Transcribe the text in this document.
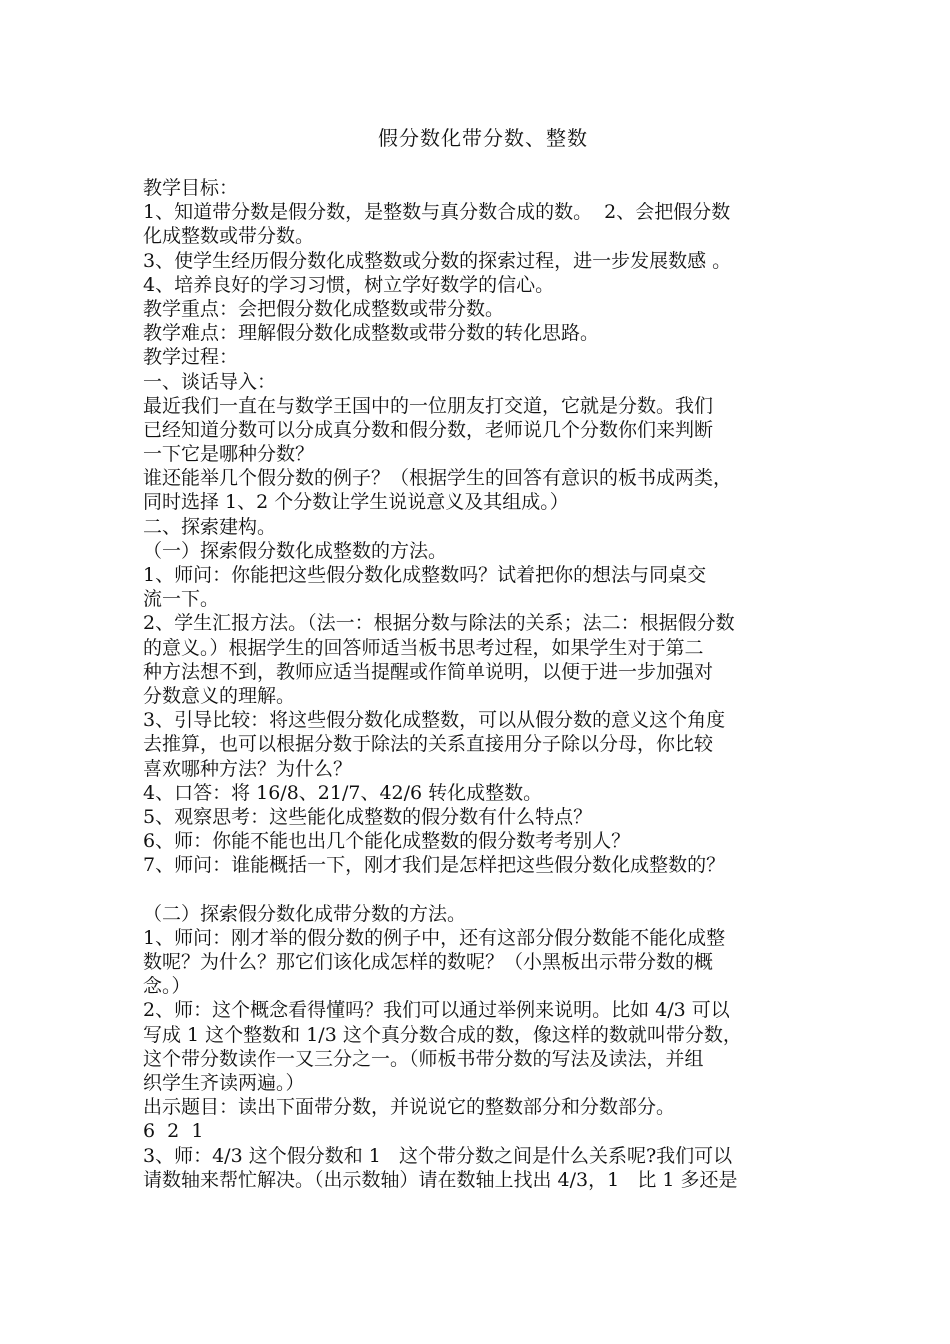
假分数化带分数、整数
教学目标：
1、知道带分数是假分数，是整数与真分数合成的数。  2、会把假分数
化成整数或带分数。
3、使学生经历假分数化成整数或分数的探索过程，进一步发展数感 。
4、培养良好的学习习惯，树立学好数学的信心。
教学重点：会把假分数化成整数或带分数。
教学难点：理解假分数化成整数或带分数的转化思路。
教学过程：
一、谈话导入：
最近我们一直在与数学王国中的一位朋友打交道，它就是分数。我们
已经知道分数可以分成真分数和假分数，老师说几个分数你们来判断
一下它是哪种分数？
谁还能举几个假分数的例子？（根据学生的回答有意识的板书成两类，
同时选择 1、2 个分数让学生说说意义及其组成。）
二、探索建构。
（一）探索假分数化成整数的方法。
1、师问：你能把这些假分数化成整数吗？试着把你的想法与同桌交
流一下。
2、学生汇报方法。（法一：根据分数与除法的关系；法二：根据假分数
的意义。）根据学生的回答师适当板书思考过程，如果学生对于第二
种方法想不到，教师应适当提醒或作简单说明，以便于进一步加强对
分数意义的理解。
3、引导比较：将这些假分数化成整数，可以从假分数的意义这个角度
去推算，也可以根据分数于除法的关系直接用分子除以分母，你比较
喜欢哪种方法？为什么？
4、口答：将 16/8、21/7、42/6 转化成整数。
5、观察思考：这些能化成整数的假分数有什么特点？
6、师：你能不能也出几个能化成整数的假分数考考别人？
7、师问：谁能概括一下，刚才我们是怎样把这些假分数化成整数的？
（二）探索假分数化成带分数的方法。
1、师问：刚才举的假分数的例子中，还有这部分假分数能不能化成整
数呢？为什么？那它们该化成怎样的数呢？（小黑板出示带分数的概
念。）
2、师：这个概念看得懂吗？我们可以通过举例来说明。比如 4/3 可以
写成 1 这个整数和 1/3 这个真分数合成的数，像这样的数就叫带分数，
这个带分数读作一又三分之一。（师板书带分数的写法及读法，并组
织学生齐读两遍。）
出示题目：读出下面带分数，并说说它的整数部分和分数部分。
6  2  1
3、师：4/3 这个假分数和 1   这个带分数之间是什么关系呢?我们可以
请数轴来帮忙解决。（出示数轴）请在数轴上找出 4/3，1   比 1 多还是
